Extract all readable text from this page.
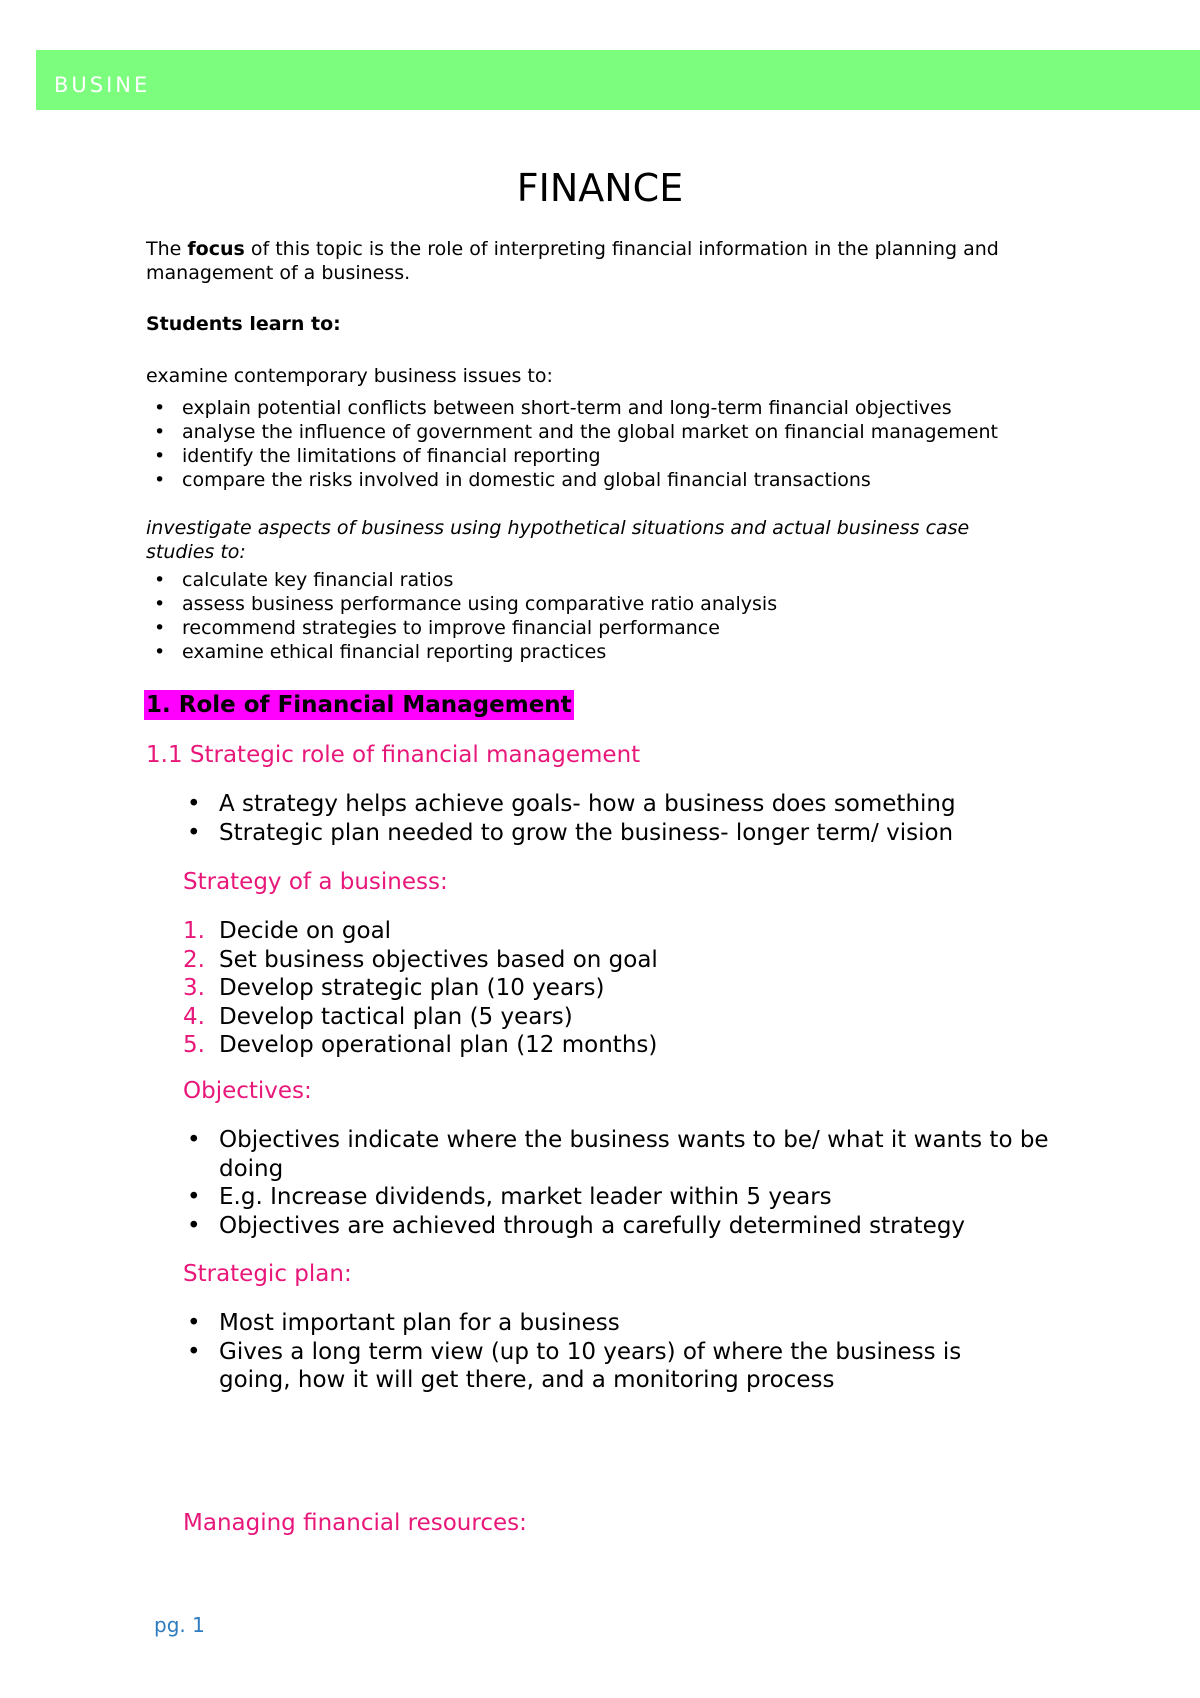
BUSINE
FINANCE
The focus of this topic is the role of interpreting financial information in the planning and
management of a business.
Students learn to:
examine contemporary business issues to:
• explain potential conflicts between short-term and long-term financial objectives
• analyse the influence of government and the global market on financial management
• identify the limitations of financial reporting
• compare the risks involved in domestic and global financial transactions
investigate aspects of business using hypothetical situations and actual business case
studies to:
• calculate key financial ratios
• assess business performance using comparative ratio analysis
• recommend strategies to improve financial performance
• examine ethical financial reporting practices
1. Role of Financial Management
1.1 Strategic role of financial management
• A strategy helps achieve goals- how a business does something
• Strategic plan needed to grow the business- longer term/ vision
Strategy of a business:
1. Decide on goal
2. Set business objectives based on goal
3. Develop strategic plan (10 years)
4. Develop tactical plan (5 years)
5. Develop operational plan (12 months)
Objectives:
• Objectives indicate where the business wants to be/ what it wants to be doing
• E.g. Increase dividends, market leader within 5 years
• Objectives are achieved through a carefully determined strategy
Strategic plan:
• Most important plan for a business
• Gives a long term view (up to 10 years) of where the business is going, how it will get there, and a monitoring process
Managing financial resources:
pg. 1
